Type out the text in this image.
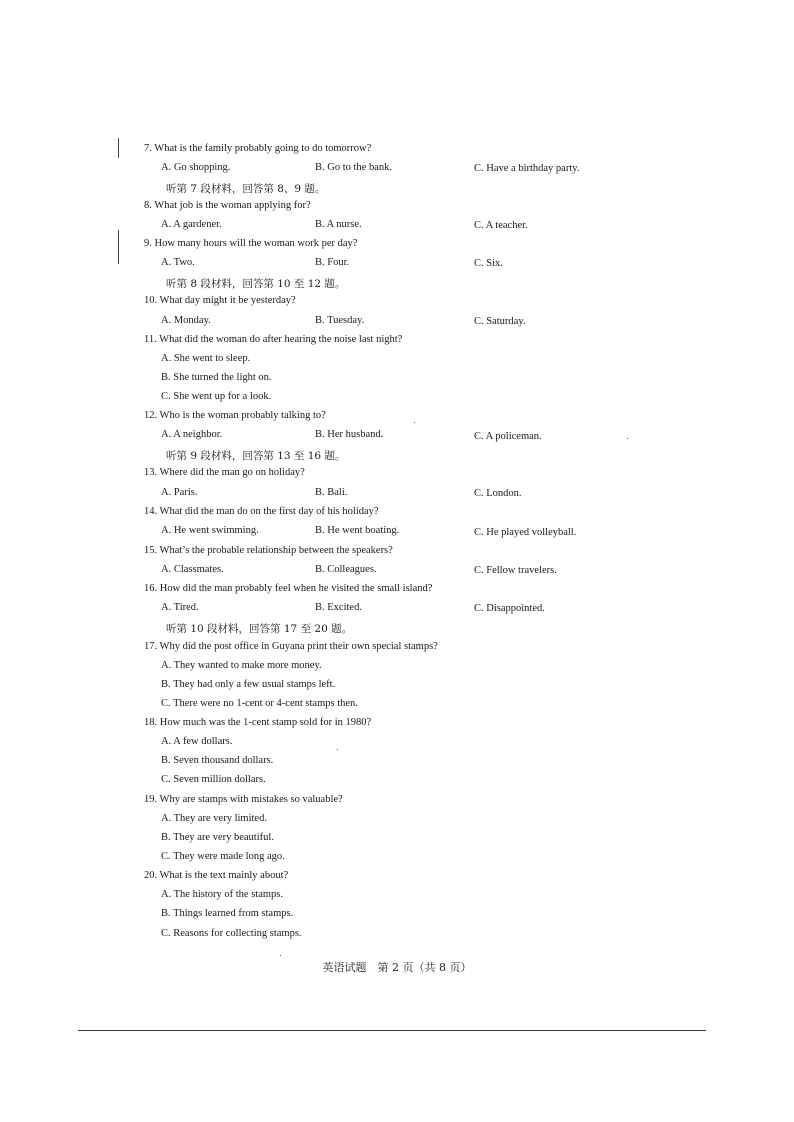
7. What is the family probably going to do tomorrow?
A. Go shopping.	B. Go to the bank.	C. Have a birthday party.
听第 7 段材料，回答第 8、9 题。
8. What job is the woman applying for?
A. A gardener.	B. A nurse.	C. A teacher.
9. How many hours will the woman work per day?
A. Two.	B. Four.	C. Six.
听第 8 段材料，回答第 10 至 12 题。
10. What day might it be yesterday?
A. Monday.	B. Tuesday.	C. Saturday.
11. What did the woman do after hearing the noise last night?
A. She went to sleep.
B. She turned the light on.
C. She went up for a look.
12. Who is the woman probably talking to?
A. A neighbor.	B. Her husband.	C. A policeman.
听第 9 段材料，回答第 13 至 16 题。
13. Where did the man go on holiday?
A. Paris.	B. Bali.	C. London.
14. What did the man do on the first day of his holiday?
A. He went swimming.	B. He went boating.	C. He played volleyball.
15. What’s the probable relationship between the speakers?
A. Classmates.	B. Colleagues.	C. Fellow travelers.
16. How did the man probably feel when he visited the small island?
A. Tired.	B. Excited.	C. Disappointed.
听第 10 段材料，回答第 17 至 20 题。
17. Why did the post office in Guyana print their own special stamps?
A. They wanted to make more money.
B. They had only a few usual stamps left.
C. There were no 1-cent or 4-cent stamps then.
18. How much was the 1-cent stamp sold for in 1980?
A. A few dollars.
B. Seven thousand dollars.
C. Seven million dollars.
19. Why are stamps with mistakes so valuable?
A. They are very limited.
B. They are very beautiful.
C. They were made long ago.
20. What is the text mainly about?
A. The history of the stamps.
B. Things learned from stamps.
C. Reasons for collecting stamps.
英语试题　第 2 页（共 8 页）
